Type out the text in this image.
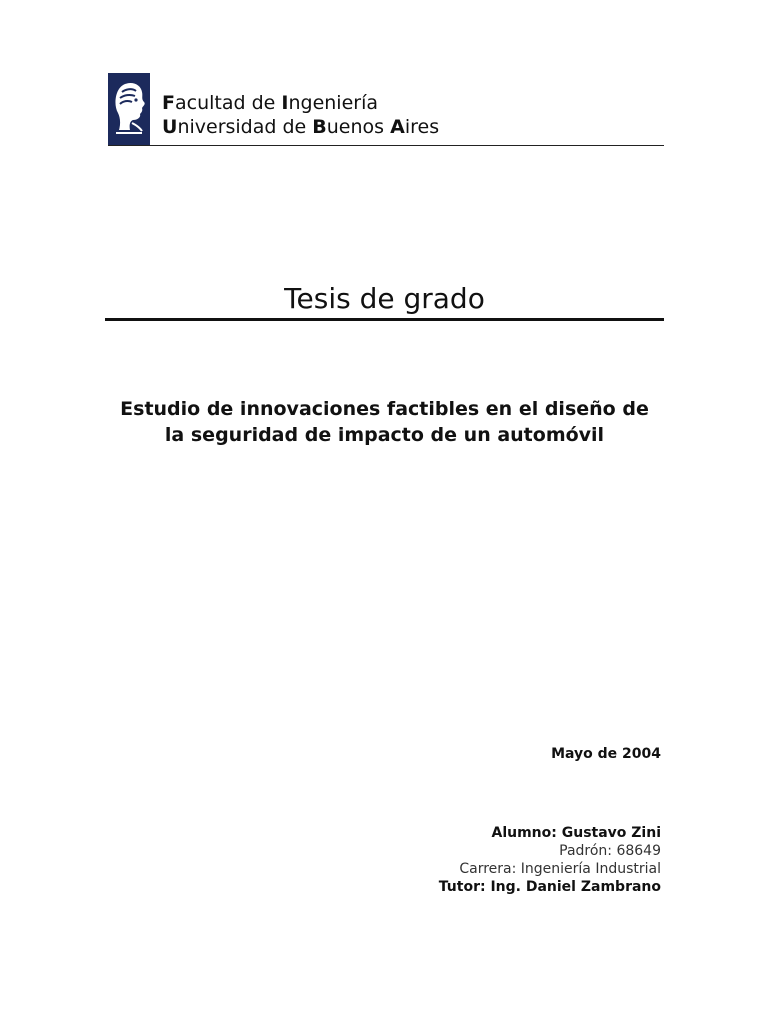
Facultad de Ingeniería
Universidad de Buenos Aires
Tesis de grado
Estudio de innovaciones factibles en el diseño de
la seguridad de impacto de un automóvil
Mayo de 2004
Alumno: Gustavo Zini
Padrón: 68649
Carrera: Ingeniería Industrial
Tutor: Ing. Daniel Zambrano
